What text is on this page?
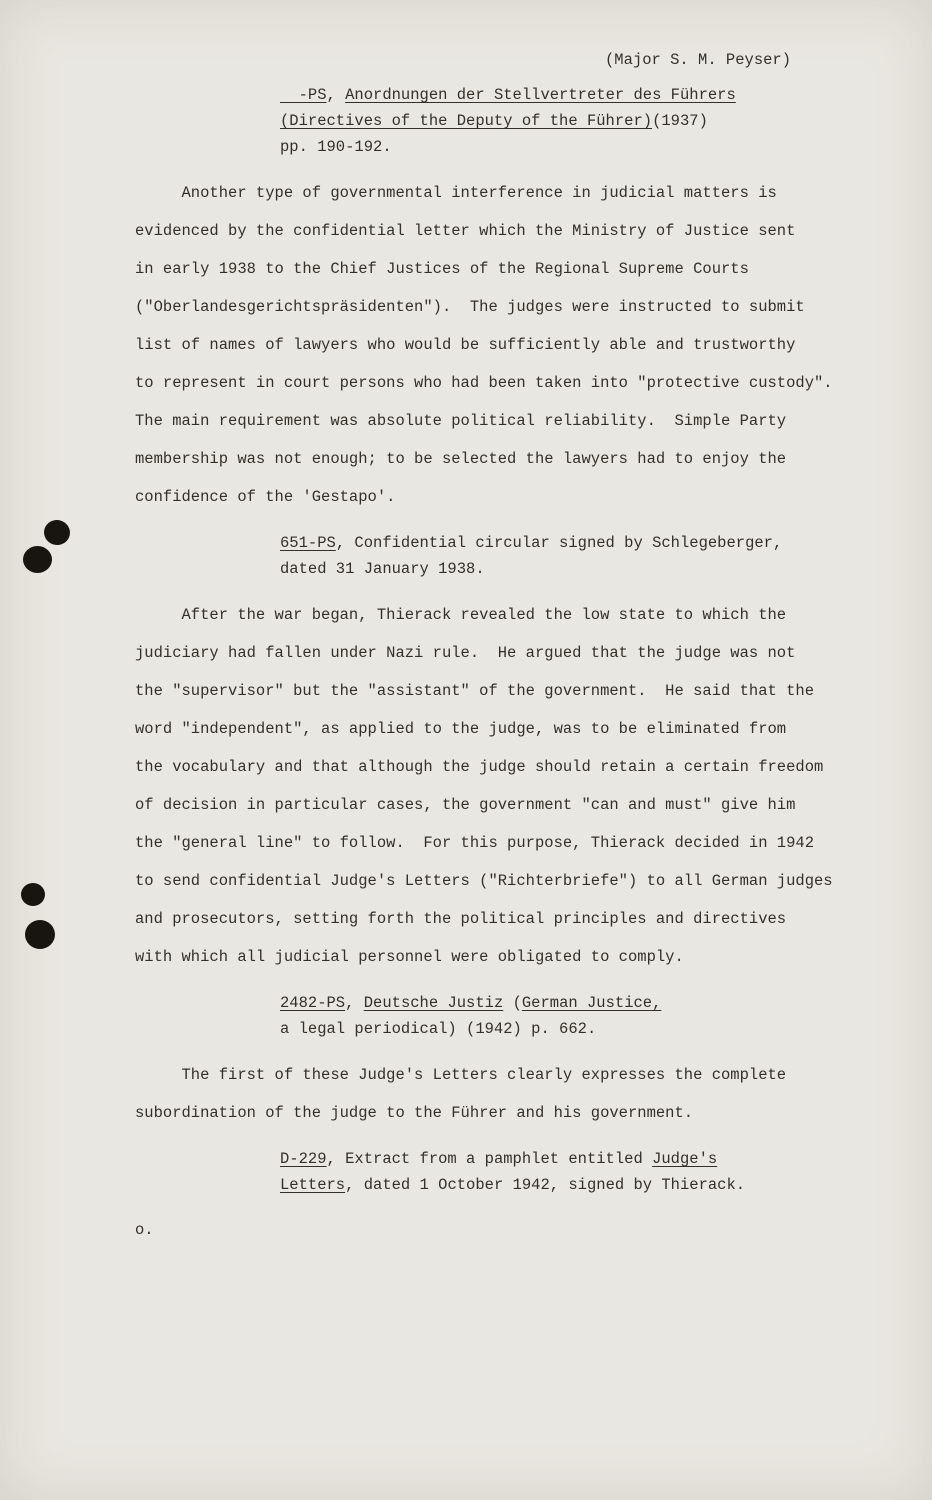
(Major S. M. Peyser)
-PS, Anordnungen der Stellvertreter des Führers
(Directives of the Deputy of the Führer)(1937)
pp. 190-192.
Another type of governmental interference in judicial matters is
evidenced by the confidential letter which the Ministry of Justice sent
in early 1938 to the Chief Justices of the Regional Supreme Courts
("Oberlandesgerichtspräsidenten").  The judges were instructed to submit
list of names of lawyers who would be sufficiently able and trustworthy
to represent in court persons who had been taken into "protective custody".
The main requirement was absolute political reliability.  Simple Party
membership was not enough; to be selected the lawyers had to enjoy the
confidence of the 'Gestapo'.
651-PS, Confidential circular signed by Schlegeberger,
dated 31 January 1938.
After the war began, Thierack revealed the low state to which the
judiciary had fallen under Nazi rule.  He argued that the judge was not
the "supervisor" but the "assistant" of the government.  He said that the
word "independent", as applied to the judge, was to be eliminated from
the vocabulary and that although the judge should retain a certain freedom
of decision in particular cases, the government "can and must" give him
the "general line" to follow.  For this purpose, Thierack decided in 1942
to send confidential Judge's Letters ("Richterbriefe") to all German judges
and prosecutors, setting forth the political principles and directives
with which all judicial personnel were obligated to comply.
2482-PS, Deutsche Justiz (German Justice,
a legal periodical) (1942) p. 662.
The first of these Judge's Letters clearly expresses the complete
subordination of the judge to the Führer and his government.
D-229, Extract from a pamphlet entitled Judge's
Letters, dated 1 October 1942, signed by Thierack.
o.
